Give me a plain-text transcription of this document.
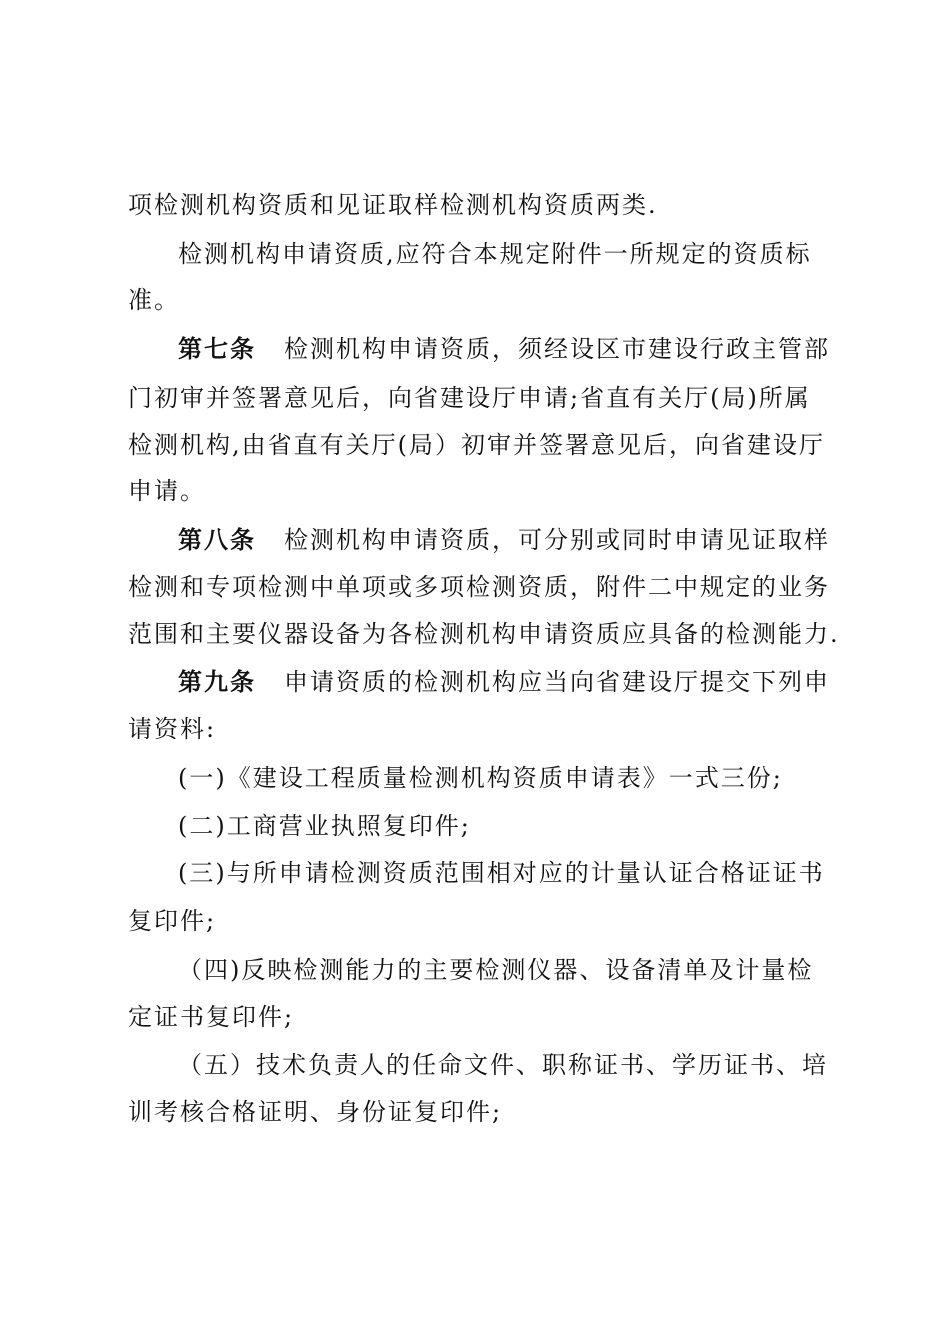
项检测机构资质和见证取样检测机构资质两类.
检测机构申请资质,应符合本规定附件一所规定的资质标
准。
第七条 检测机构申请资质，须经设区市建设行政主管部
门初审并签署意见后，向省建设厅申请;省直有关厅(局)所属
检测机构,由省直有关厅(局）初审并签署意见后，向省建设厅
申请。
第八条 检测机构申请资质，可分别或同时申请见证取样
检测和专项检测中单项或多项检测资质，附件二中规定的业务
范围和主要仪器设备为各检测机构申请资质应具备的检测能力.
第九条 申请资质的检测机构应当向省建设厅提交下列申
请资料:
(一)《建设工程质量检测机构资质申请表》一式三份;
(二)工商营业执照复印件;
(三)与所申请检测资质范围相对应的计量认证合格证证书
复印件;
（四)反映检测能力的主要检测仪器、设备清单及计量检
定证书复印件;
（五）技术负责人的任命文件、职称证书、学历证书、培
训考核合格证明、身份证复印件;
